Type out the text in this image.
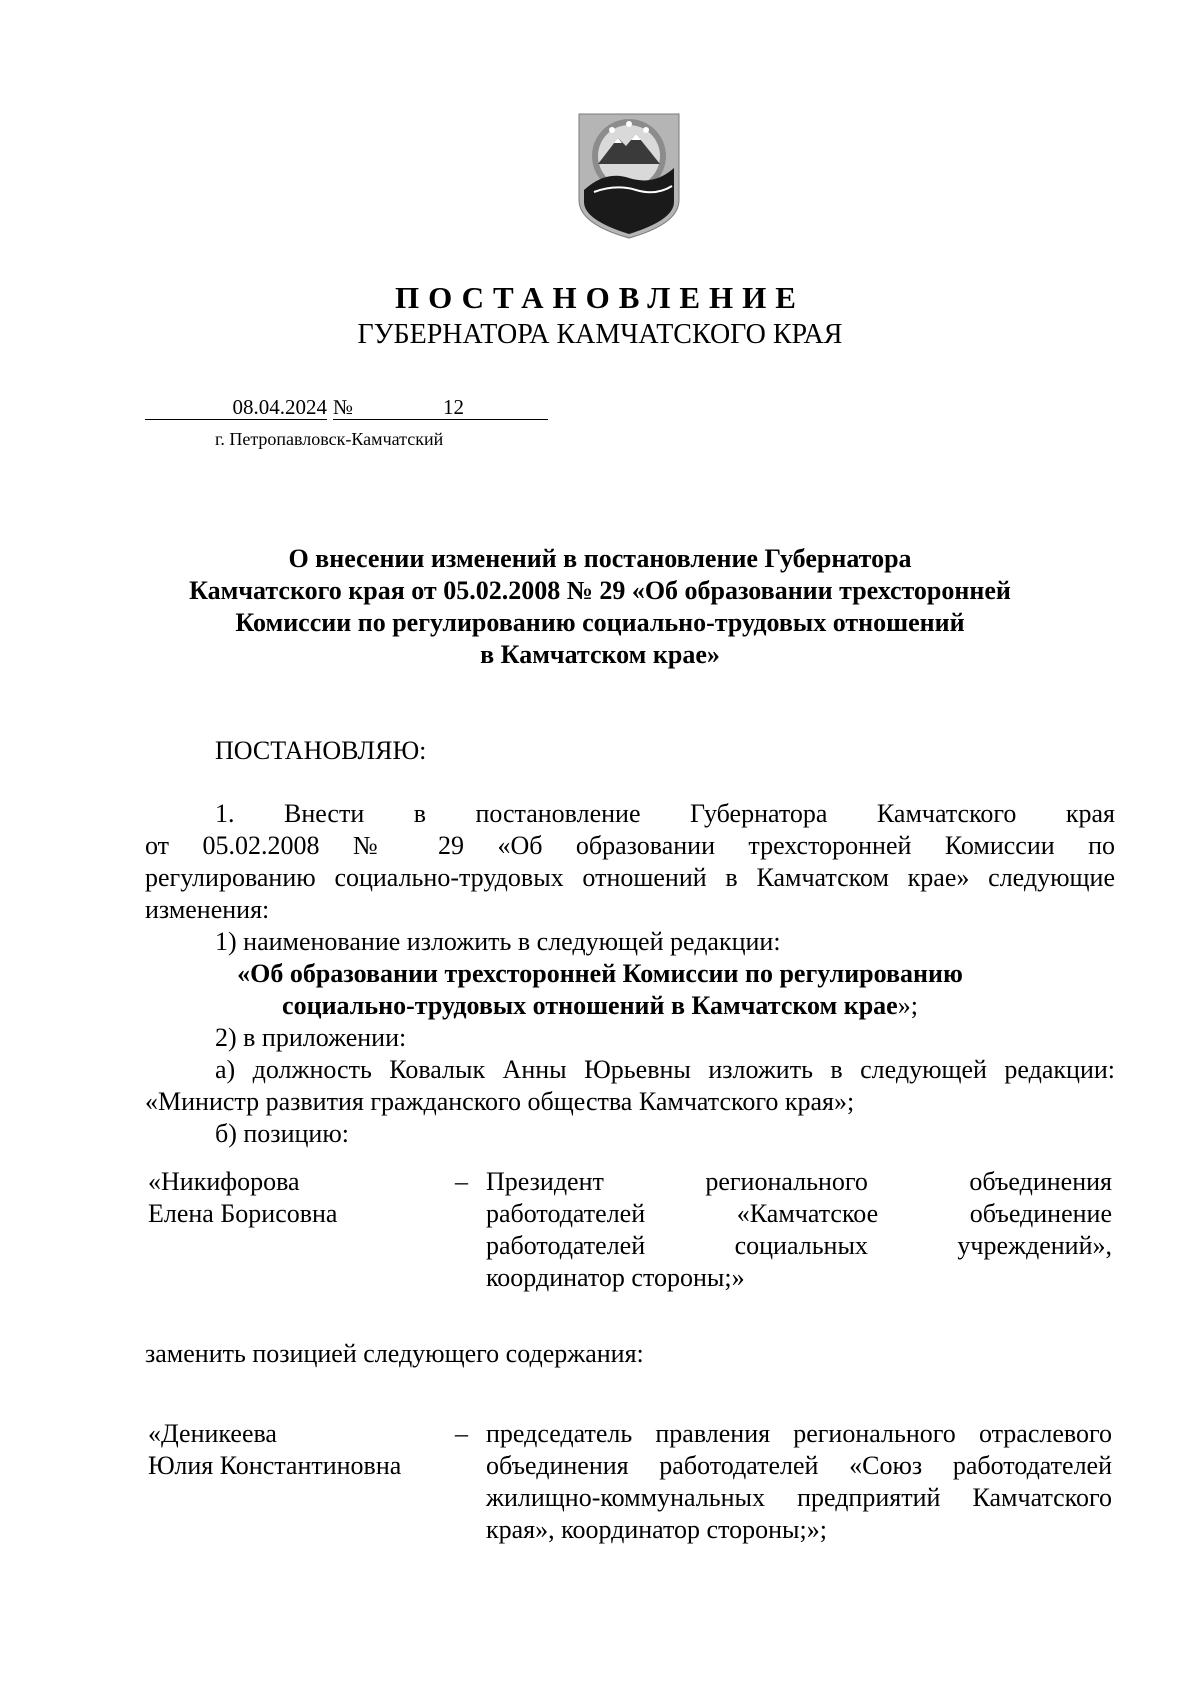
ПОСТАНОВЛЕНИЕ
ГУБЕРНАТОРА КАМЧАТСКОГО КРАЯ
08.04.2024 №	12
г. Петропавловск-Камчатский
О внесении изменений в постановление Губернатора
Камчатского края от 05.02.2008 № 29 «Об образовании трехсторонней
Комиссии по регулированию социально-трудовых отношений
в Камчатском крае»
ПОСТАНОВЛЯЮ:
1. Внести в постановление Губернатора Камчатского края
от 05.02.2008 № 29 «Об образовании трехсторонней Комиссии по
регулированию социально-трудовых отношений в Камчатском крае» следующие
изменения:
1) наименование изложить в следующей редакции:
«Об образовании трехсторонней Комиссии по регулированию
социально-трудовых отношений в Камчатском крае»;
2) в приложении:
а) должность Ковалык Анны Юрьевны изложить в следующей редакции:
«Министр развития гражданского общества Камчатского края»;
б) позицию:
«Никифорова
Елена Борисовна
– Президент регионального объединения
работодателей «Камчатское объединение
работодателей социальных учреждений»,
координатор стороны;»
заменить позицией следующего содержания:
«Деникеева
Юлия Константиновна
– председатель правления регионального отраслевого
объединения работодателей «Союз работодателей
жилищно-коммунальных предприятий Камчатского
края», координатор стороны;»;
